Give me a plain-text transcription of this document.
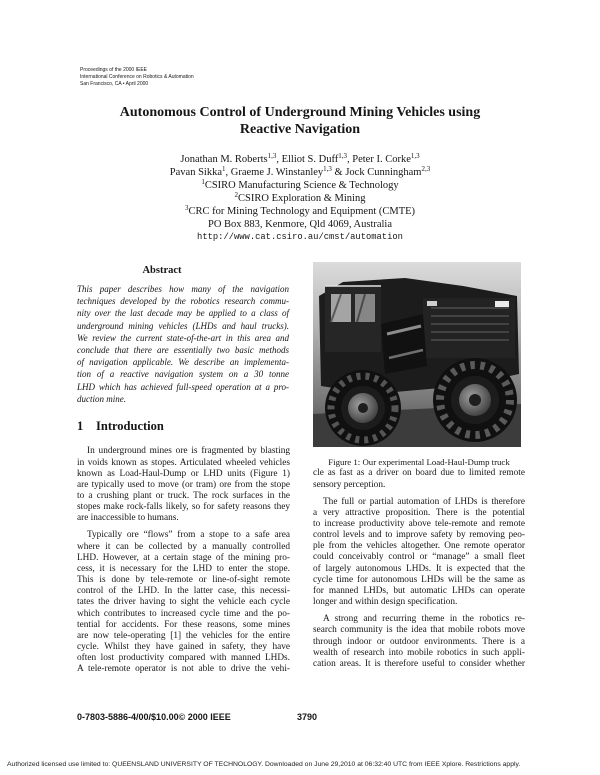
Proceedings of the 2000 IEEE
International Conference on Robotics & Automation
San Francisco, CA • April 2000
Autonomous Control of Underground Mining Vehicles using
Reactive Navigation
Jonathan M. Roberts$^{1,3}$, Elliot S. Duff$^{1,3}$, Peter I. Corke$^{1,3}$
Pavan Sikka$^1$, Graeme J. Winstanley$^{1,3}$ & Jock Cunningham$^{2,3}$
$^1$CSIRO Manufacturing Science & Technology
$^2$CSIRO Exploration & Mining
$^3$CRC for Mining Technology and Equipment (CMTE)
PO Box 883, Kenmore, Qld 4069, Australia
http://www.cat.csiro.au/cmst/automation
Abstract
This paper describes how many of the navigation
techniques developed by the robotics research commu-
nity over the last decade may be applied to a class of
underground mining vehicles (LHDs and haul trucks).
We review the current state-of-the-art in this area and
conclude that there are essentially two basic methods
of navigation applicable. We describe an implementa-
tion of a reactive navigation system on a 30 tonne
LHD which has achieved full-speed operation at a pro-
duction mine.
1 Introduction
In underground mines ore is fragmented by blasting
in voids known as stopes. Articulated wheeled vehicles
known as Load-Haul-Dump or LHD units (Figure 1)
are typically used to move (or tram) ore from the stope
to a crushing plant or truck. The rock surfaces in the
stopes make rock-falls likely, so for safety reasons they
are inaccessible to humans.
Typically ore “flows” from a stope to a safe area
where it can be collected by a manually controlled
LHD. However, at a certain stage of the mining pro-
cess, it is necessary for the LHD to enter the stope.
This is done by tele-remote or line-of-sight remote
control of the LHD. In the latter case, this necessi-
tates the driver having to sight the vehicle each cycle
which contributes to increased cycle time and the po-
tential for accidents. For these reasons, some mines
are now tele-operating [1] the vehicles for the entire
cycle. Whilst they have gained in safety, they have
often lost productivity compared with manned LHDs.
A tele-remote operator is not able to drive the vehi-
cle as fast as a driver on board due to limited remote
sensory perception.
The full or partial automation of LHDs is therefore
a very attractive proposition. There is the potential
to increase productivity above tele-remote and remote
control levels and to improve safety by removing peo-
ple from the vehicles altogether. One remote operator
could conceivably control or “manage” a small fleet
of largely autonomous LHDs. It is expected that the
cycle time for autonomous LHDs will be the same as
for manned LHDs, but automatic LHDs can operate
longer and within design specification.
A strong and recurring theme in the robotics re-
search community is the idea that mobile robots move
through indoor or outdoor environments. There is a
wealth of research into mobile robotics in such appli-
cation areas. It is therefore useful to consider whether
Figure 1: Our experimental Load-Haul-Dump truck
0-7803-5886-4/00/$10.00© 2000 IEEE	3790
Authorized licensed use limited to: QUEENSLAND UNIVERSITY OF TECHNOLOGY. Downloaded on June 29,2010 at 06:32:40 UTC from IEEE Xplore. Restrictions apply.
